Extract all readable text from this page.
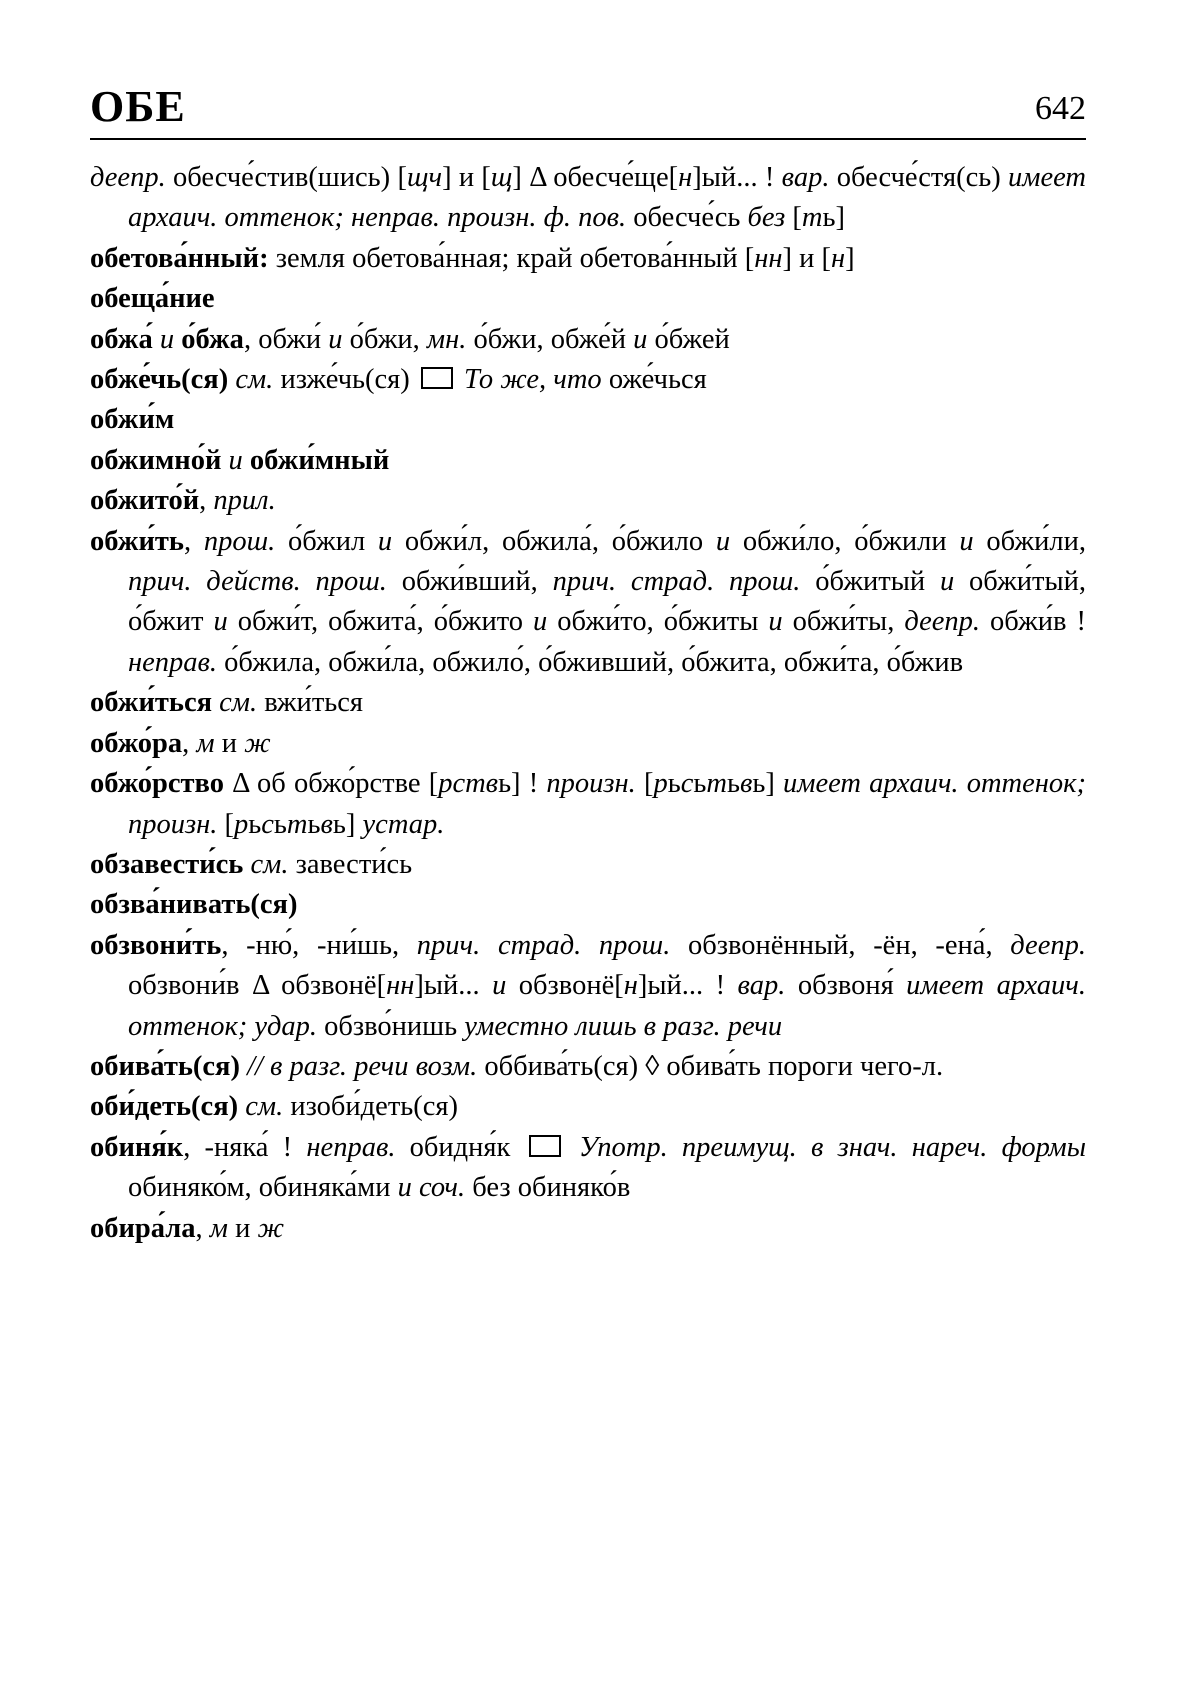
ОБЕ	642
деепр. обесче́стив(шись) [щч] и [щ] Δ обесче́ще[н]ый... ! вар. обесче́стя(сь) имеет архаич. оттенок; неправ. произн. ф. пов. обесче́сь без [ть]
обетова́нный: земля обетова́нная; край обетова́нный [нн] и [н]
обеща́ние
обжа́ и о́бжа, обжи́ и о́бжи, мн. о́бжи, обже́й и о́бжей
обже́чь(ся) см. изже́чь(ся)  То же, что оже́чься
обжи́м
обжимно́й и обжи́мный
обжито́й, прил.
обжи́ть, прош. о́бжил и обжи́л, обжила́, о́бжило и обжи́ло, о́бжили и обжи́ли, прич. действ. прош. обжи́вший, прич. страд. прош. о́бжитый и обжи́тый, о́бжит и обжи́т, обжита́, о́бжито и обжи́то, о́бжиты и обжи́ты, деепр. обжи́в ! неправ. о́бжила, обжи́ла, обжило́, о́бживший, о́бжита, обжи́та, о́бжив
обжи́ться см. вжи́ться
обжо́ра, м и ж
обжо́рство Δ об обжо́рстве [рствь] ! произн. [рьсьтьвь] имеет архаич. оттенок; произн. [рьсьтьвь] устар.
обзавести́сь см. завести́сь
обзва́нивать(ся)
обзвони́ть, -ню́, -ни́шь, прич. страд. прош. обзвонённый, -ён, -ена́, деепр. обзвони́в Δ обзвонё[нн]ый... и обзвонё[н]ый... ! вар. обзвоня́ имеет архаич. оттенок; удар. обзво́нишь уместно лишь в разг. речи
обива́ть(ся) // в разг. речи возм. оббива́ть(ся) ◊ обива́ть пороги чего-л.
оби́деть(ся) см. изоби́деть(ся)
обиня́к, -няка́ ! неправ. обидня́к  Употр. преимущ. в знач. нареч. формы обиняко́м, обиняка́ми и соч. без обиняко́в
обира́ла, м и ж
